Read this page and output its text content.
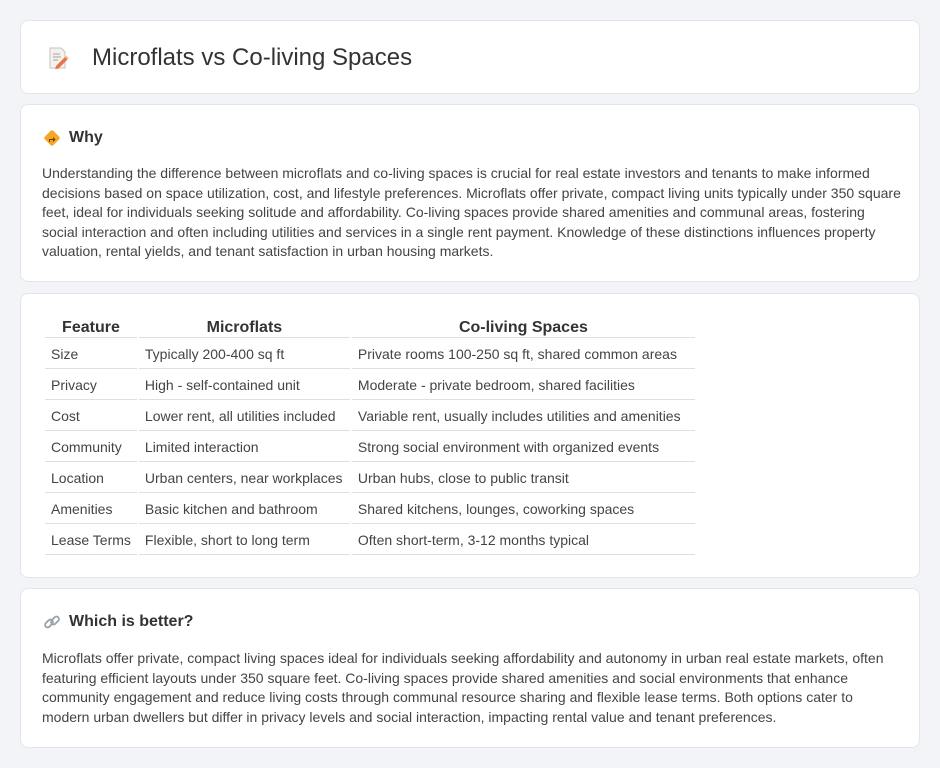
Microflats vs Co-living Spaces
Why

Understanding the difference between microflats and co-living spaces is crucial for real estate investors and tenants to make informed decisions based on space utilization, cost, and lifestyle preferences. Microflats offer private, compact living units typically under 350 square feet, ideal for individuals seeking solitude and affordability. Co-living spaces provide shared amenities and communal areas, fostering social interaction and often including utilities and services in a single rent payment. Knowledge of these distinctions influences property valuation, rental yields, and tenant satisfaction in urban housing markets.

Feature	Microflats	Co-living Spaces
Size	Typically 200-400 sq ft	Private rooms 100-250 sq ft, shared common areas
Privacy	High - self-contained unit	Moderate - private bedroom, shared facilities
Cost	Lower rent, all utilities included	Variable rent, usually includes utilities and amenities
Community	Limited interaction	Strong social environment with organized events
Location	Urban centers, near workplaces	Urban hubs, close to public transit
Amenities	Basic kitchen and bathroom	Shared kitchens, lounges, coworking spaces
Lease Terms	Flexible, short to long term	Often short-term, 3-12 months typical
Which is better?

Microflats offer private, compact living spaces ideal for individuals seeking affordability and autonomy in urban real estate markets, often featuring efficient layouts under 350 square feet. Co-living spaces provide shared amenities and social environments that enhance community engagement and reduce living costs through communal resource sharing and flexible lease terms. Both options cater to modern urban dwellers but differ in privacy levels and social interaction, impacting rental value and tenant preferences.
